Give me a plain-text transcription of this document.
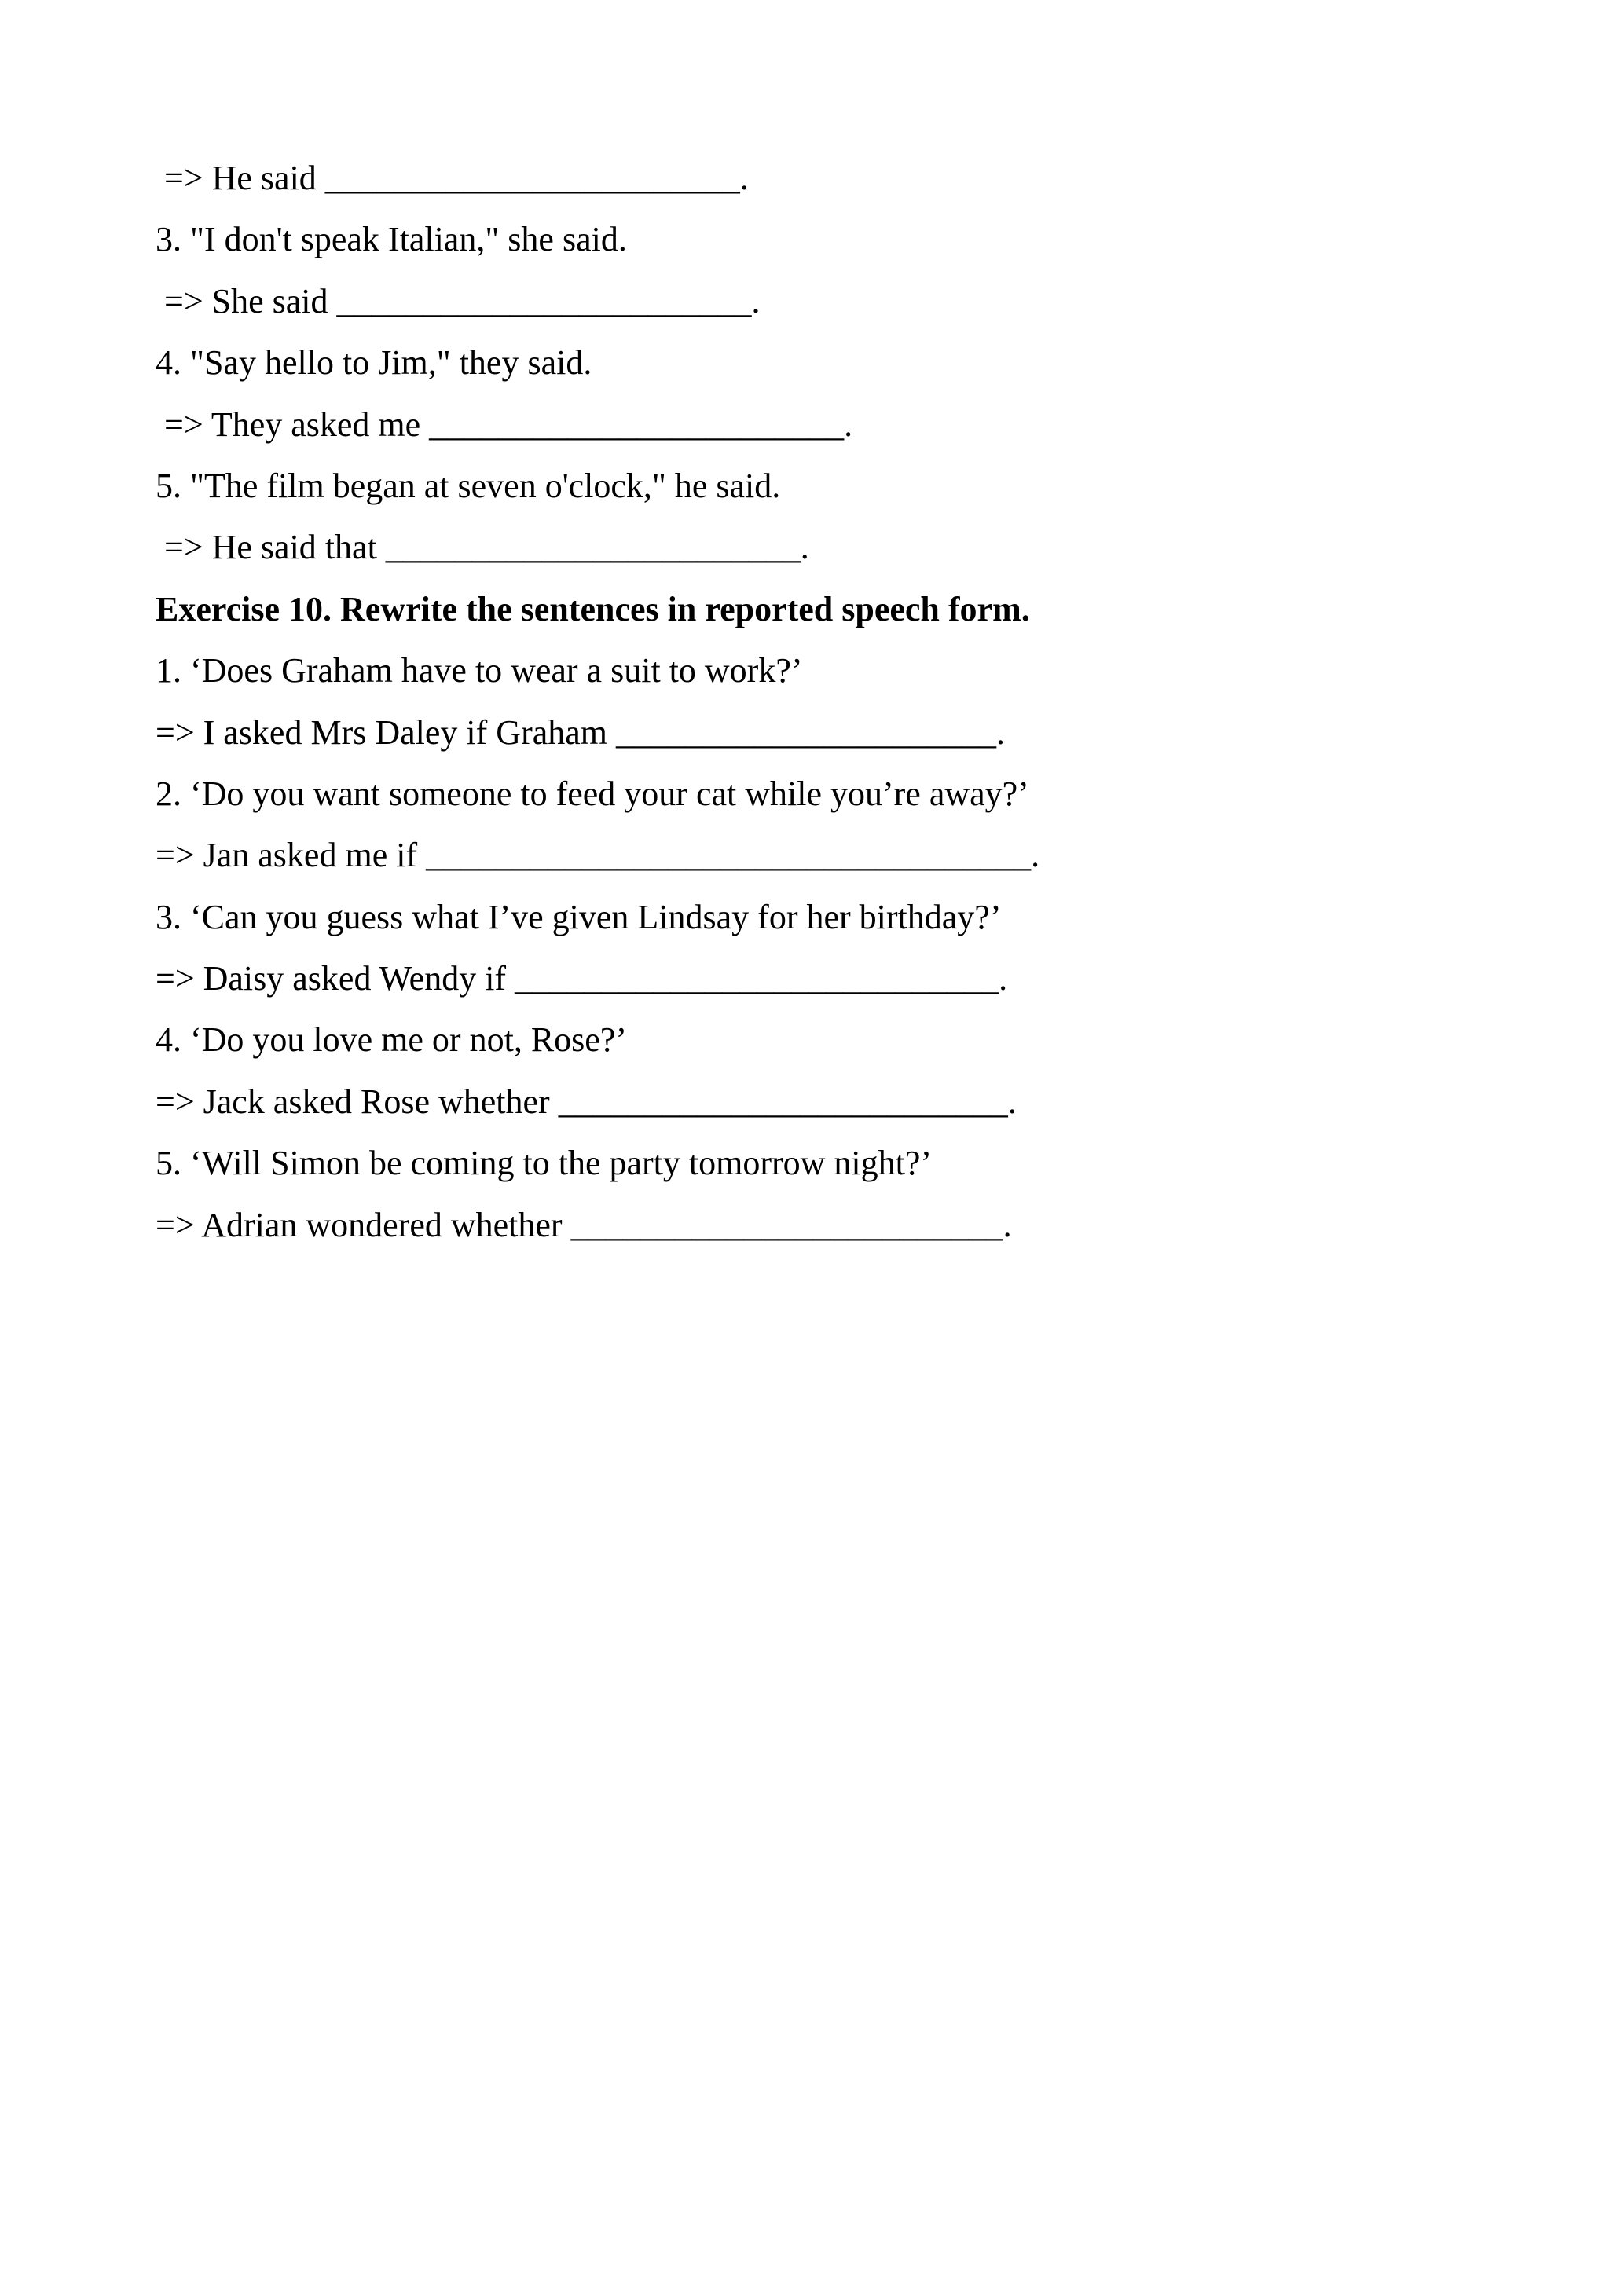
=> He said ________________________.
3. "I don't speak Italian," she said.
=> She said ________________________.
4. "Say hello to Jim," they said.
=> They asked me ________________________.
5. "The film began at seven o'clock," he said.
=> He said that ________________________.
Exercise 10. Rewrite the sentences in reported speech form.
1. ‘Does Graham have to wear a suit to work?’
=> I asked Mrs Daley if Graham ______________________.
2. ‘Do you want someone to feed your cat while you’re away?’
=> Jan asked me if ___________________________________.
3. ‘Can you guess what I’ve given Lindsay for her birthday?’
=> Daisy asked Wendy if ____________________________.
4. ‘Do you love me or not, Rose?’
=> Jack asked Rose whether __________________________.
5. ‘Will Simon be coming to the party tomorrow night?’
=> Adrian wondered whether _________________________.
